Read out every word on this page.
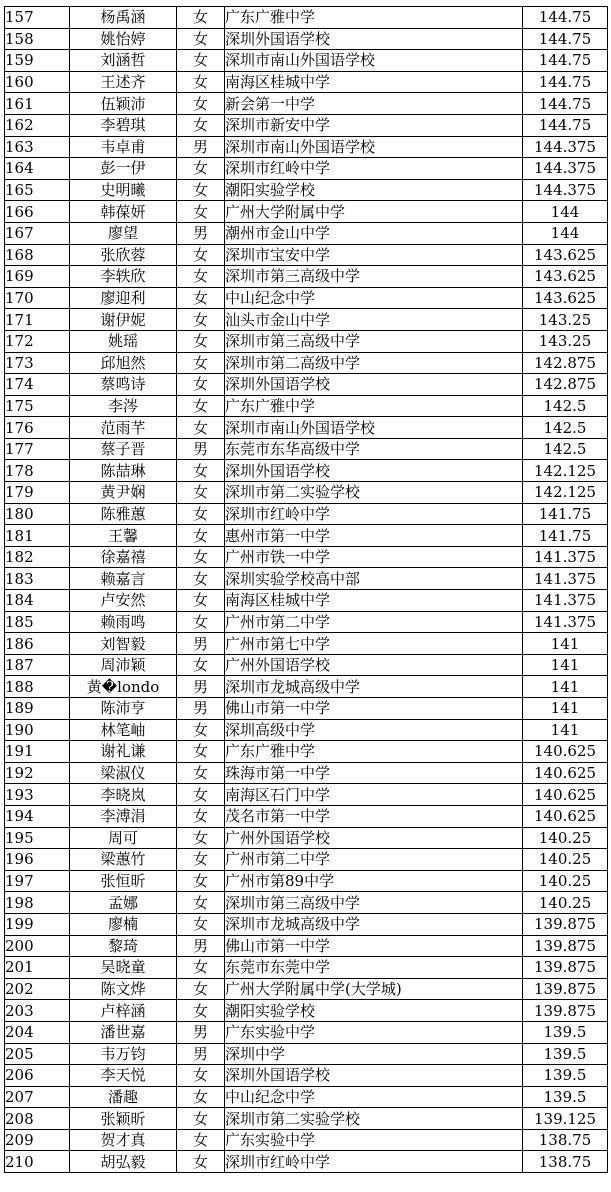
157	杨禹涵	女	广东广雅中学	144.75
158	姚怡婷	女	深圳外国语学校	144.75
159	刘涵哲	女	深圳市南山外国语学校	144.75
160	王述齐	女	南海区桂城中学	144.75
161	伍颖沛	女	新会第一中学	144.75
162	李碧琪	女	深圳市新安中学	144.75
163	韦卓甫	男	深圳市南山外国语学校	144.375
164	彭一伊	女	深圳市红岭中学	144.375
165	史明曦	女	潮阳实验学校	144.375
166	韩葆妍	女	广州大学附属中学	144
167	廖望	男	潮州市金山中学	144
168	张欣蓉	女	深圳市宝安中学	143.625
169	李轶欣	女	深圳市第三高级中学	143.625
170	廖迎利	女	中山纪念中学	143.625
171	谢伊妮	女	汕头市金山中学	143.25
172	姚瑶	女	深圳市第三高级中学	143.25
173	邱旭然	女	深圳市第二高级中学	142.875
174	蔡鸣诗	女	深圳外国语学校	142.875
175	李涔	女	广东广雅中学	142.5
176	范雨芊	女	深圳市南山外国语学校	142.5
177	蔡子晋	男	东莞市东华高级中学	142.5
178	陈喆琳	女	深圳外国语学校	142.125
179	黄尹娴	女	深圳市第二实验学校	142.125
180	陈雅蕙	女	深圳市红岭中学	141.75
181	王馨	女	惠州市第一中学	141.75
182	徐嘉禧	女	广州市铁一中学	141.375
183	赖嘉言	女	深圳实验学校高中部	141.375
184	卢安然	女	南海区桂城中学	141.375
185	赖雨鸣	女	广州市第二中学	141.375
186	刘智毅	男	广州市第七中学	141
187	周沛颖	女	广州外国语学校	141
188	黄�londo	男	深圳市龙城高级中学	141
189	陈沛亨	男	佛山市第一中学	141
190	林笔岫	女	深圳高级中学	141
191	谢礼谦	女	广东广雅中学	140.625
192	梁淑仪	女	珠海市第一中学	140.625
193	李晓岚	女	南海区石门中学	140.625
194	李溥涓	女	茂名市第一中学	140.625
195	周可	女	广州外国语学校	140.25
196	梁蕙竹	女	广州市第二中学	140.25
197	张恒昕	女	广州市第89中学	140.25
198	孟娜	女	深圳市第三高级中学	140.25
199	廖楠	女	深圳市龙城高级中学	139.875
200	黎琦	男	佛山市第一中学	139.875
201	吴晓童	女	东莞市东莞中学	139.875
202	陈文烨	女	广州大学附属中学(大学城)	139.875
203	卢梓涵	女	潮阳实验学校	139.875
204	潘世嘉	男	广东实验中学	139.5
205	韦万钧	男	深圳中学	139.5
206	李天悦	女	深圳外国语学校	139.5
207	潘趣	女	中山纪念中学	139.5
208	张颖昕	女	深圳市第二实验学校	139.125
209	贺才真	女	广东实验中学	138.75
210	胡弘毅	女	深圳市红岭中学	138.75
